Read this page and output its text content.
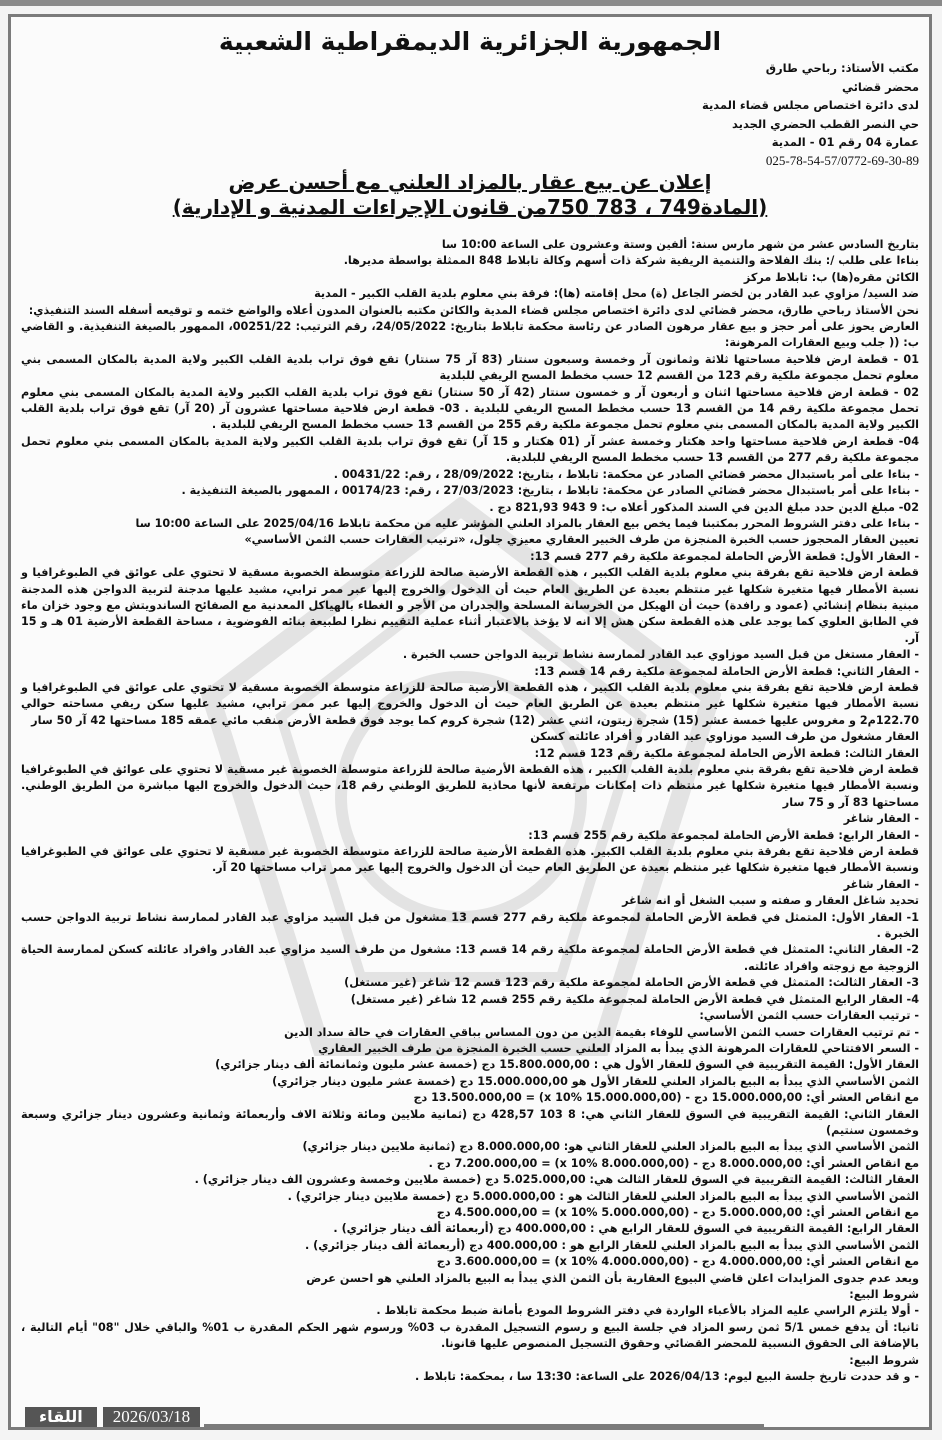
الجمهورية الجزائرية الديمقراطية الشعبية
مكتب الأستاذ: رباحي طارق
محضر قضائي
لدى دائرة اختصاص مجلس قضاء المدية
حي النصر القطب الحضري الجديد
عمارة 04 رقم 01 - المدية
025-78-54-57/0772-69-30-89
إعلان عن بيع عقار بالمزاد العلني مع أحسن عرض
(المادة749 ، 783 750من قانون الإجراءات المدنية و الإدارية)

بتاريخ السادس عشر من شهر مارس سنة: ألفين وستة وعشرون على الساعة 10:00 سا

بناءا على طلب /: بنك الفلاحة والتنمية الريفية شركة ذات أسهم وكالة تابلاط 848 الممثلة بواسطة مديرها.

الكائن مقره(ها) ب: تابلاط مركز

ضد السيد/ مزاوي عبد القادر بن لخضر الجاعل (ة) محل إقامته (ها): فرقة بني معلوم بلدية القلب الكبير - المدية

نحن الأستاذ رباحي طارق، محضر قضائي لدى دائرة اختصاص مجلس قضاء المدية والكائن مكتبه بالعنوان المدون أعلاه والواضع ختمه و توقيعه أسفله السند التنفيذي:

العارض يحوز على أمر حجز و بيع عقار مرهون الصادر عن رئاسة محكمة تابلاط بتاريخ: 24/05/2022، رقم الترتيب: 00251/22، الممهور بالصيغة التنفيذية. و القاضي ب: (( جلب وبيع العقارات المرهونة:

01 - قطعة ارض فلاحية مساحتها ثلاثة وثمانون آر وخمسة وسبعون سنتار (83 آر 75 سنتار) تقع فوق تراب بلدية القلب الكبير ولاية المدية بالمكان المسمى بني معلوم تحمل مجموعة ملكية رقم 123 من القسم 12 حسب مخطط المسح الريفي للبلدية

02 - قطعة ارض فلاحية مساحتها اثنان و أربعون آر و خمسون سنتار (42 آر 50 سنتار) تقع فوق تراب بلدية القلب الكبير ولاية المدية بالمكان المسمى بني معلوم تحمل مجموعة ملكية رقم 14 من القسم 13 حسب مخطط المسح الريفي للبلدية . 03- قطعة ارض فلاحية مساحتها عشرون آر (20 آر) تقع فوق تراب بلدية القلب الكبير ولاية المدية بالمكان المسمى بني معلوم تحمل مجموعة ملكية رقم 255 من القسم 13 حسب مخطط المسح الريفي للبلدية .

04- قطعة ارض فلاحية مساحتها واحد هكتار وخمسة عشر آر (01 هكتار و 15 آر) تقع فوق تراب بلدية القلب الكبير ولاية المدية بالمكان المسمى بني معلوم تحمل مجموعة ملكية رقم 277 من القسم 13 حسب مخطط المسح الريفي للبلدية.

- بناءا على أمر باستبدال محضر قضائي الصادر عن محكمة: تابلاط ، بتاريخ: 28/09/2022 ، رقم: 00431/22 .

- بناءا على أمر باستبدال محضر قضائي الصادر عن محكمة: تابلاط ، بتاريخ: 27/03/2023 ، رقم: 00174/23 ، الممهور بالصيغة التنفيذية .

02- مبلغ الدين حدد مبلغ الدين في السند المذكور أعلاه ب: 9 943 821,93 دج .

- بناءا على دفتر الشروط المحرر بمكتبنا فيما يخص بيع العقار بالمزاد العلني المؤشر عليه من محكمة تابلاط 2025/04/16 على الساعة 10:00 سا

تعيين العقار المحجوز حسب الخبرة المنجزة من طرف الخبير العقاري معيزي جلول، «ترتيب العقارات حسب الثمن الأساسي»

- العقار الأول: قطعة الأرض الحاملة لمجموعة ملكية رقم 277 قسم 13:

قطعة ارض فلاحية تقع بفرقة بني معلوم بلدية القلب الكبير ، هذه القطعة الأرضية صالحة للزراعة متوسطة الخصوبة مسقية لا تحتوي على عوائق في الطبوغرافيا و نسبة الأمطار فيها متغيرة شكلها غير منتظم بعيدة عن الطريق العام حيث أن الدخول والخروج إليها عبر ممر ترابي، مشيد عليها مدجنة لتربية الدواجن هذه المدجنة مبنية بنظام إنشائي (عمود و رافدة) حيث أن الهيكل من الخرسانة المسلحة والجدران من الأجر و الغطاء بالهياكل المعدنية مع الصفائح الساندويتش مع وجود خزان ماء في الطابق العلوي كما يوجد على هذه القطعة سكن هش إلا انه لا يؤخذ بالاعتبار أثناء عملية التقييم نظرا لطبيعة بنائه الفوضوية ، مساحة القطعة الأرضية 01 هـ و 15 آر.

- العقار مستغل من قبل السيد موزاوي عبد القادر لممارسة نشاط تربية الدواجن حسب الخبرة .

- العقار الثاني: قطعة الأرض الحاملة لمجموعة ملكية رقم 14 قسم 13:

قطعة ارض فلاحية تقع بفرقة بني معلوم بلدية القلب الكبير ، هذه القطعة الأرضية صالحة للزراعة متوسطة الخصوبة مسقية لا تحتوي على عوائق في الطبوغرافيا و نسبة الأمطار فيها متغيرة شكلها غير منتظم بعيدة عن الطريق العام حيث أن الدخول والخروج إليها عبر ممر ترابي، مشيد عليها سكن ريفي مساحته حوالي 122.70م2 و مغروس عليها خمسة عشر (15) شجرة زيتون، اثني عشر (12) شجرة كروم كما يوجد فوق قطعة الأرض منقب مائي عمقه 185 مساحتها 42 آر 50 سار

العقار مشغول من طرف السيد موزاوي عبد القادر و أفراد عائلته كسكن

العقار الثالث: قطعة الأرض الحاملة لمجموعة ملكية رقم 123 قسم 12:

قطعة ارض فلاحية تقع بفرقة بني معلوم بلدية القلب الكبير ، هذه القطعة الأرضية صالحة للزراعة متوسطة الخصوبة غير مسقية لا تحتوي على عوائق في الطبوغرافيا ونسبة الأمطار فيها متغيرة شكلها غير منتظم ذات إمكانات مرتفعة لأنها محاذية للطريق الوطني رقم 18، حيث الدخول والخروج اليها مباشرة من الطريق الوطني. مساحتها 83 آر و 75 سار

- العقار شاغر

- العقار الرابع: قطعة الأرض الحاملة لمجموعة ملكية رقم 255 قسم 13:

قطعة ارض فلاحية تقع بفرقة بني معلوم بلدية القلب الكبير. هذه القطعة الأرضية صالحة للزراعة متوسطة الخصوبة غير مسقية لا تحتوي على عوائق في الطبوغرافيا ونسبة الأمطار فيها متغيرة شكلها غير منتظم بعيدة عن الطريق العام حيث أن الدخول والخروج إليها عبر ممر تراب مساحتها 20 آر.

- العقار شاغر

تحديد شاغل العقار و صفته و سبب الشغل أو انه شاغر

1- العقار الأول: المتمثل في قطعة الأرض الحاملة لمجموعة ملكية رقم 277 قسم 13 مشغول من قبل السيد مزاوي عبد القادر لممارسة نشاط تربية الدواجن حسب الخبرة .

2- العقار الثاني: المتمثل في قطعة الأرض الحاملة لمجموعة ملكية رقم 14 قسم 13: مشغول من طرف السيد مزاوي عبد القادر وافراد عائلته كسكن لممارسة الحياة الزوجية مع زوجته وافراد عائلته.

3- العقار الثالث: المتمثل في قطعة الأرض الحاملة لمجموعة ملكية رقم 123 قسم 12 شاغر (غير مستغل)

4- العقار الرابع المتمثل في قطعة الأرض الحاملة لمجموعة ملكية رقم 255 قسم 12 شاغر (غير مستغل)

- ترتيب العقارات حسب الثمن الأساسي:

- تم ترتيب العقارات حسب الثمن الأساسي للوفاء بقيمة الدين من دون المساس بباقي العقارات في حالة سداد الدين

- السعر الافتتاحي للعقارات المرهونة الذي يبدأ به المزاد العلني حسب الخبرة المنجزة من طرف الخبير العقاري

العقار الأول: القيمة التقريبية في السوق للعقار الأول هي : 15.800.000,00 دج (خمسة عشر مليون وثمانمائة ألف دينار جزائري)

الثمن الأساسي الذي يبدأ به البيع بالمزاد العلني للعقار الأول هو 15.000.000,00 دج (خمسة عشر مليون دينار جزائري)

مع انقاص العشر أي: 15.000.000,00 دج - (15.000.000,00 x 10%) = 13.500.000,00 دج

العقار الثاني: القيمة التقريبية في السوق للعقار الثاني هي: 8 103 428,57 دج (ثمانية ملايين ومائة وثلاثة الاف وأربعمائة وثمانية وعشرون دينار جزائري وسبعة وخمسون سنتيم)

الثمن الأساسي الذي يبدأ به البيع بالمزاد العلني للعقار الثاني هو: 8.000.000,00 دج (ثمانية ملايين دينار جزائري)

مع انقاص العشر أي: 8.000.000,00 دج - (8.000.000,00 x 10%) = 7.200.000,00 دج .

العقار الثالث: القيمة التقريبية في السوق للعقار الثالث هي: 5.025.000,00 دج (خمسة ملايين وخمسة وعشرون الف دينار جزائري) .

الثمن الأساسي الذي يبدأ به البيع بالمزاد العلني للعقار الثالث هو : 5.000.000,00 دج (خمسة ملايين دينار جزائري) .

مع انقاص العشر أي: 5.000.000,00 دج - (5.000.000,00 x 10%) = 4.500.000,00 دج

العقار الرابع: القيمة التقريبية في السوق للعقار الرابع هي : 400.000,00 دج (أربعمائة ألف دينار جزائري) .

الثمن الأساسي الذي يبدأ به البيع بالمزاد العلني للعقار الرابع هو : 400.000,00 دج (أربعمائة ألف دينار جزائري) .

مع انقاص العشر أي: 4.000.000,00 دج - (4.000.000,00 x 10%) = 3.600.000,00 دج

وبعد عدم جدوى المزايدات اعلن قاضي البيوع العقارية بأن الثمن الذي يبدأ به البيع بالمزاد العلني هو احسن عرض

شروط البيع:

- أولا يلتزم الراسي عليه المزاد بالأعباء الواردة في دفتر الشروط المودع بأمانة ضبط محكمة تابلاط .

ثانيا: أن يدفع خمس 5/1 ثمن رسو المزاد في جلسة البيع و رسوم التسجيل المقدرة ب 03% ورسوم شهر الحكم المقدرة ب 01% والباقي خلال "08" أيام التالية ، بالإضافة الى الحقوق النسبية للمحضر القضائي وحقوق التسجيل المنصوص عليها قانونا.

شروط البيع:

- و قد حددت تاريخ جلسة البيع ليوم: 2026/04/13 على الساعة: 13:30 سا ، بمحكمة: تابلاط .

اللقاء	2026/03/18
